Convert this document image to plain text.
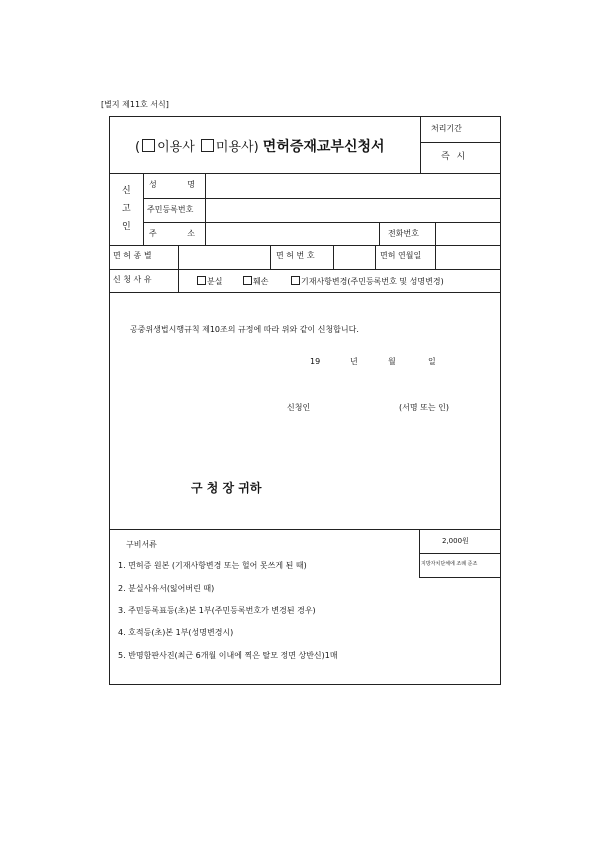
[별지 제11호 서식]
( 이용사 미용사) 면허증재교부신청서
처리기간
즉 시
신
고
인
성 명
주민등록번호
주 소	전화번호
면 허 종 별	면 허 번 호	면허 연월일
신 청 사 유	분실	훼손	기재사항변경(주민등록번호 및 성명변경)
공중위생법시행규칙 제10조의 규정에 따라 위와 같이 신청합니다.
19	년	월	일
신청인	(서명 또는 인)
구 청 장 귀하
구비서류	2,000원
지방자치단체에 조례 준조
1. 면허증 원본 (기재사항변경 또는 헐어 못쓰게 된 때)
2. 분실사유서(잃어버린 때)
3. 주민등록표등(초)본 1부(주민등록번호가 변경된 경우)
4. 호적등(초)본 1부(성명변경시)
5. 반명함판사진(최근 6개월 이내에 찍은 탈모 정면 상반신)1매
